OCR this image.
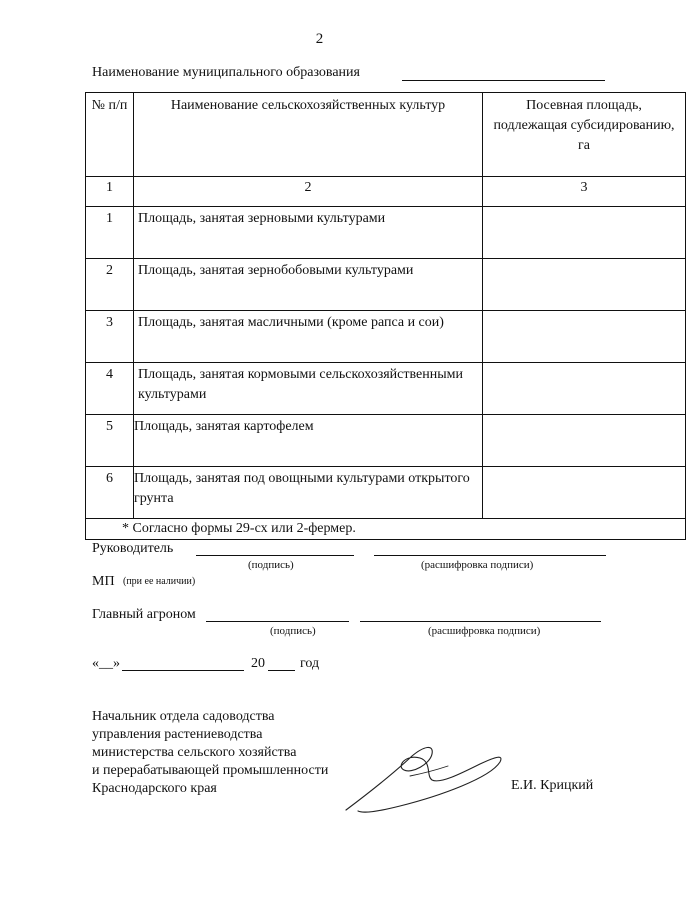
2
Наименование муниципального образования
№ п/п	Наименование сельскохозяйственных культур	Посевная площадь, подлежащая субсидированию, га
1	2	3
1	Площадь, занятая зерновыми культурами	
2	Площадь, занятая зернобобовыми культурами	
3	Площадь, занятая масличными (кроме рапса и сои)	
4	Площадь, занятая кормовыми сельскохозяйственными культурами	
5	Площадь, занятая картофелем	
6	Площадь, занятая под овощными культурами открытого грунта	
* Согласно формы 29-сх или 2-фермер.		
Руководитель
(подпись)	(расшифровка подписи)
МП (при ее наличии)
Главный агроном
(подпись)	(расшифровка подписи)
«__»	20	год
Начальник отдела садоводства
управления растениеводства
министерства сельского хозяйства
и перерабатывающей промышленности
Краснодарского края	Е.И. Крицкий
